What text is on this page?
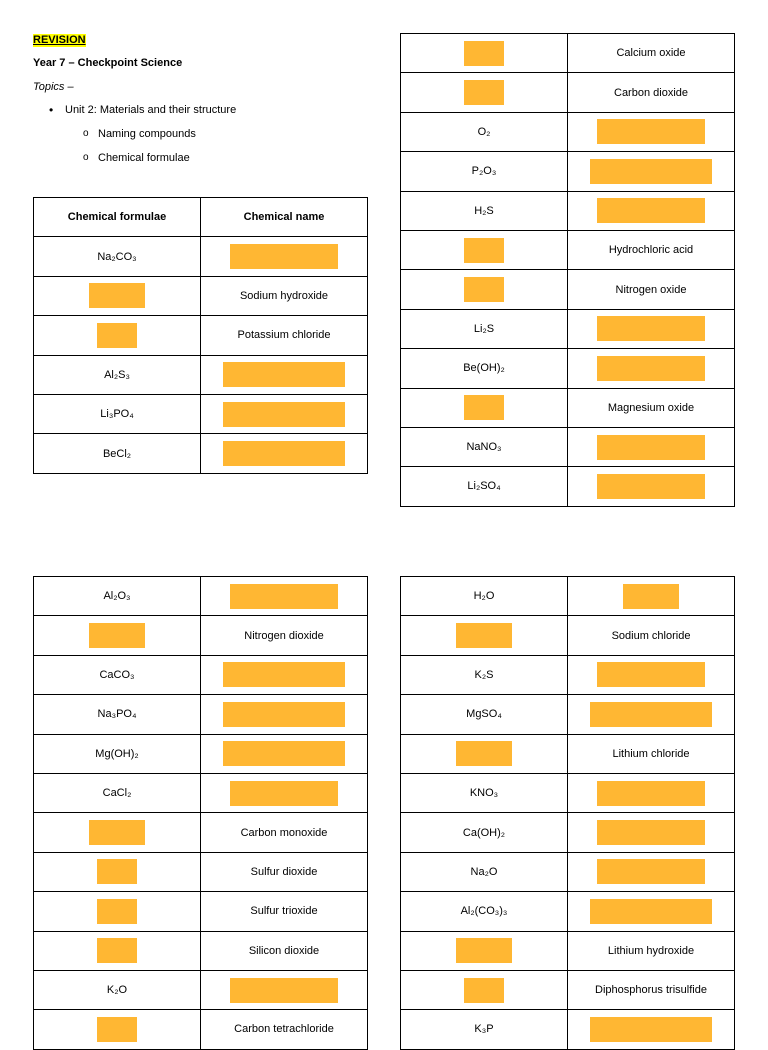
REVISION
Year 7 – Checkpoint Science
Topics –
• Unit 2: Materials and their structure
o Naming compounds
o Chemical formulae
Chemical formulae	Chemical name
Na₂CO₃	
	Sodium hydroxide
	Potassium chloride
Al₂S₃	
Li₃PO₄	
BeCl₂	
	Calcium oxide
	Carbon dioxide
O₂	
P₂O₃	
H₂S	
	Hydrochloric acid
	Nitrogen oxide
Li₂S	
Be(OH)₂	
	Magnesium oxide
NaNO₃	
Li₂SO₄	
Al₂O₃	
	Nitrogen dioxide
CaCO₃	
Na₃PO₄	
Mg(OH)₂	
CaCl₂	
	Carbon monoxide
	Sulfur dioxide
	Sulfur trioxide
	Silicon dioxide
K₂O	
	Carbon tetrachloride
H₂O	
	Sodium chloride
K₂S	
MgSO₄	
	Lithium chloride
KNO₃	
Ca(OH)₂	
Na₂O	
Al₂(CO₃)₃	
	Lithium hydroxide
	Diphosphorus trisulfide
K₃P	
